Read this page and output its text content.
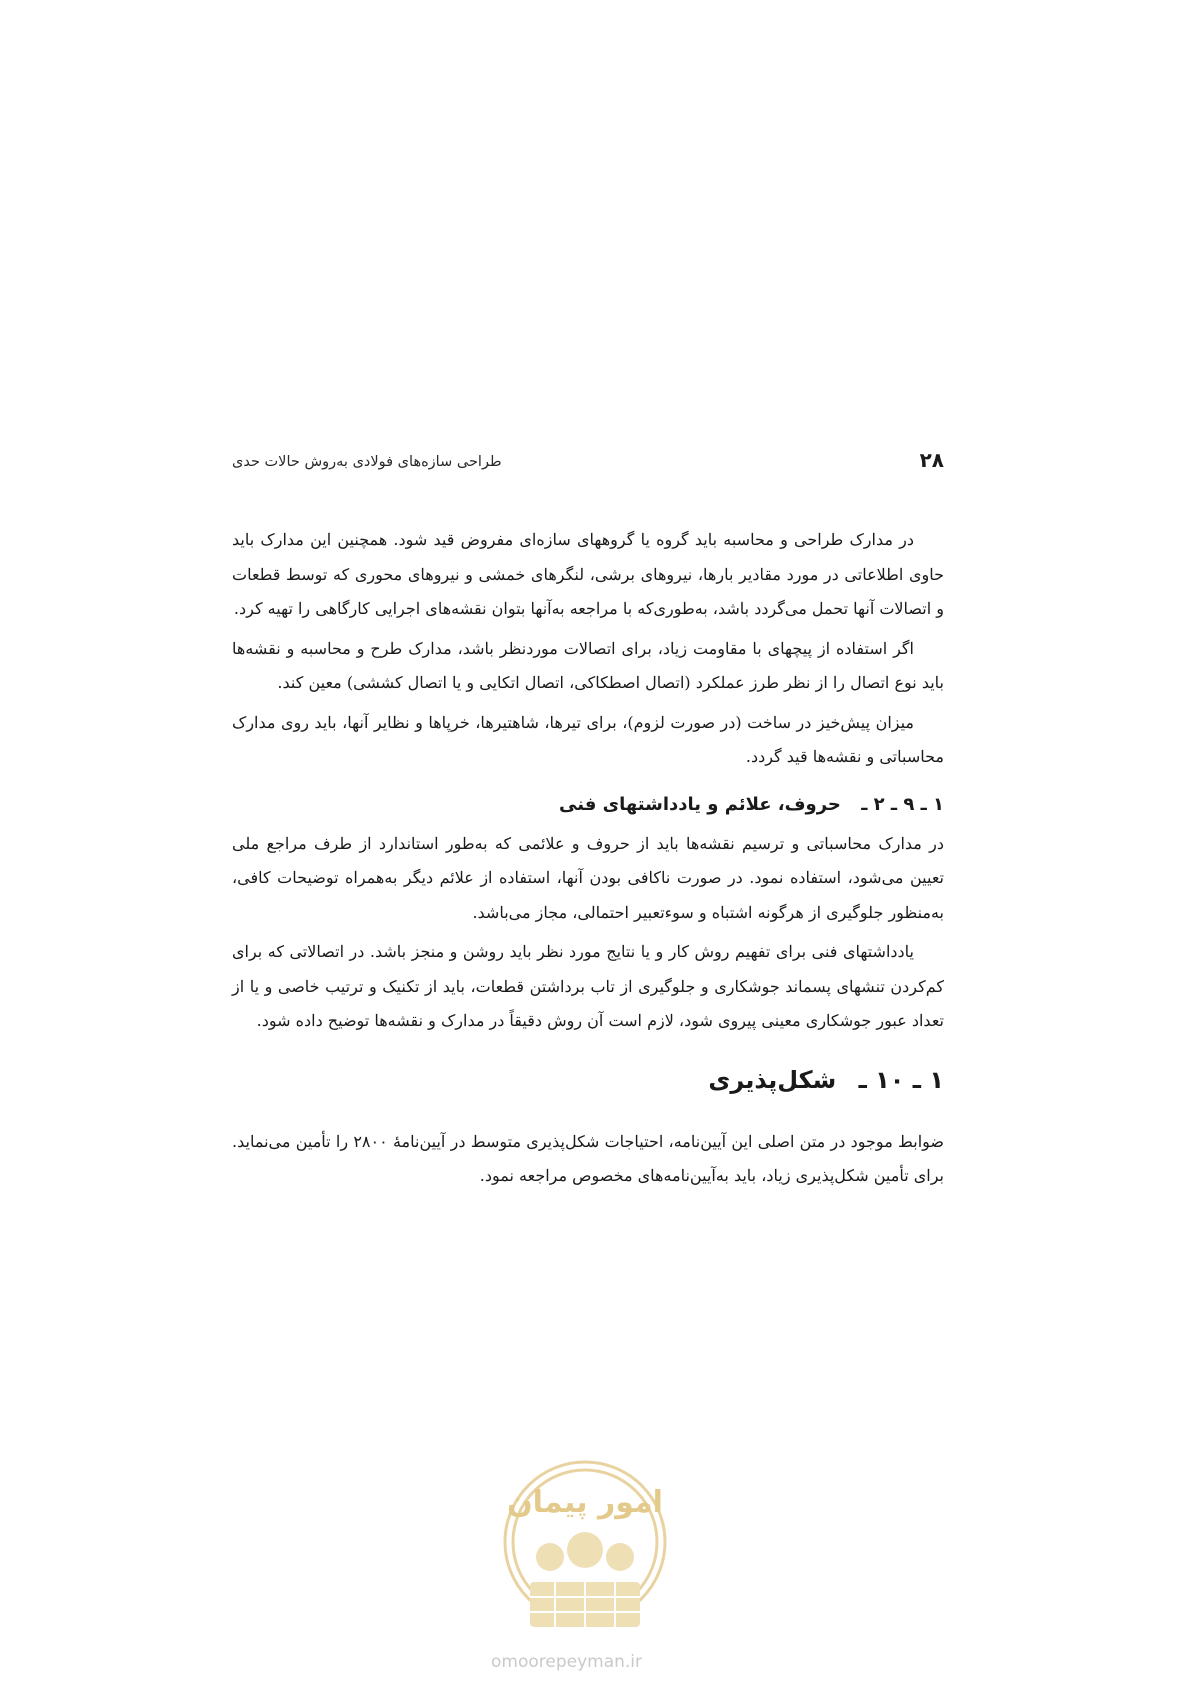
طراحی سازه‌های فولادی به‌روش حالات حدی	۲۸

در مدارک طراحی و محاسبه باید گروه یا گروههای سازه‌ای مفروض قید شود. همچنین این مدارک باید حاوی اطلاعاتی در مورد مقادیر بارها، نیروهای برشی، لنگرهای خمشی و نیروهای محوری که توسط قطعات و اتصالات آنها تحمل می‌گردد باشد، به‌طوری‌که با مراجعه به‌آنها بتوان نقشه‌های اجرایی کارگاهی را تهیه کرد.

اگر استفاده از پیچهای با مقاومت زیاد، برای اتصالات موردنظر باشد، مدارک طرح و محاسبه و نقشه‌ها باید نوع اتصال را از نظر طرز عملکرد (اتصال اصطکاکی، اتصال اتکایی و یا اتصال کششی) معین کند.

میزان پیش‌خیز در ساخت (در صورت لزوم)، برای تیرها، شاهتیرها، خرپاها و نظایر آنها، باید روی مدارک محاسباتی و نقشه‌ها قید گردد.

۱ ـ ۹ ـ ۲ ـ حروف، علائم و یادداشتهای فنی

در مدارک محاسباتی و ترسیم نقشه‌ها باید از حروف و علائمی که به‌طور استاندارد از طرف مراجع ملی تعیین می‌شود، استفاده نمود. در صورت ناکافی بودن آنها، استفاده از علائم دیگر به‌همراه توضیحات کافی، به‌منظور جلوگیری از هرگونه اشتباه و سوءتعبیر احتمالی، مجاز می‌باشد.

یادداشتهای فنی برای تفهیم روش کار و یا نتایج مورد نظر باید روشن و منجز باشد. در اتصالاتی که برای کم‌کردن تنشهای پسماند جوشکاری و جلوگیری از تاب برداشتن قطعات، باید از تکنیک و ترتیب خاصی و یا از تعداد عبور جوشکاری معینی پیروی شود، لازم است آن روش دقیقاً در مدارک و نقشه‌ها توضیح داده شود.

۱ ـ ۱۰ ـ شکل‌پذیری

ضوابط موجود در متن اصلی این آیین‌نامه، احتیاجات شکل‌پذیری متوسط در آیین‌نامهٔ ۲۸۰۰ را تأمین می‌نماید. برای تأمین شکل‌پذیری زیاد، باید به‌آیین‌نامه‌های مخصوص مراجعه نمود.

امور پیمان
omoorepeyman.ir
